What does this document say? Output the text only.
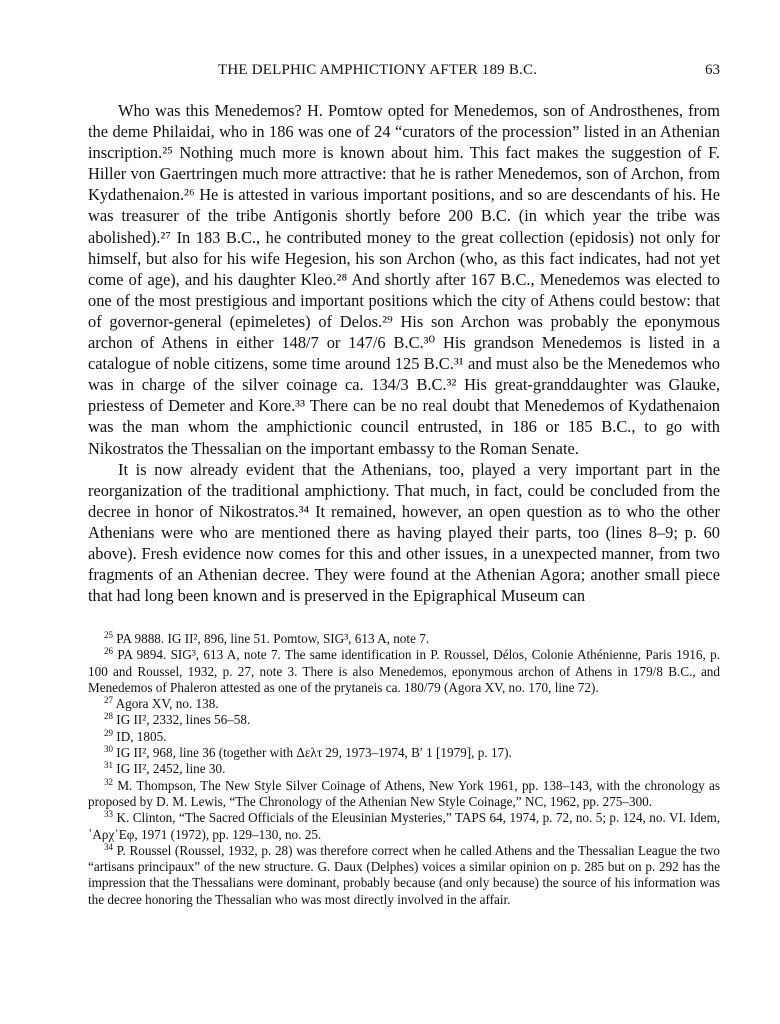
THE DELPHIC AMPHICTIONY AFTER 189 B.C.	63

Who was this Menedemos? H. Pomtow opted for Menedemos, son of Androsthenes, from the deme Philaidai, who in 186 was one of 24 “curators of the procession” listed in an Athenian inscription.²⁵ Nothing much more is known about him. This fact makes the suggestion of F. Hiller von Gaertringen much more attractive: that he is rather Menedemos, son of Archon, from Kydathenaion.²⁶ He is attested in various important positions, and so are descendants of his. He was treasurer of the tribe Antigonis shortly before 200 B.C. (in which year the tribe was abolished).²⁷ In 183 B.C., he contributed money to the great collection (epidosis) not only for himself, but also for his wife Hegesion, his son Archon (who, as this fact indicates, had not yet come of age), and his daughter Kleo.²⁸ And shortly after 167 B.C., Menedemos was elected to one of the most prestigious and important positions which the city of Athens could bestow: that of governor-general (epimeletes) of Delos.²⁹ His son Archon was probably the eponymous archon of Athens in either 148/7 or 147/6 B.C.³⁰ His grandson Menedemos is listed in a catalogue of noble citizens, some time around 125 B.C.³¹ and must also be the Menedemos who was in charge of the silver coinage ca. 134/3 B.C.³² His great-granddaughter was Glauke, priestess of Demeter and Kore.³³ There can be no real doubt that Menedemos of Kydathenaion was the man whom the amphictionic council entrusted, in 186 or 185 B.C., to go with Nikostratos the Thessalian on the important embassy to the Roman Senate.

It is now already evident that the Athenians, too, played a very important part in the reorganization of the traditional amphictiony. That much, in fact, could be concluded from the decree in honor of Nikostratos.³⁴ It remained, however, an open question as to who the other Athenians were who are mentioned there as having played their parts, too (lines 8–9; p. 60 above). Fresh evidence now comes for this and other issues, in a unexpected manner, from two fragments of an Athenian decree. They were found at the Athenian Agora; another small piece that had long been known and is preserved in the Epigraphical Museum can

$^{25}$ PA 9888. IG II², 896, line 51. Pomtow, SIG³, 613 A, note 7.

$^{26}$ PA 9894. SIG³, 613 A, note 7. The same identification in P. Roussel, Délos, Colonie Athénienne, Paris 1916, p. 100 and Roussel, 1932, p. 27, note 3. There is also Menedemos, eponymous archon of Athens in 179/8 B.C., and Menedemos of Phaleron attested as one of the prytaneis ca. 180/79 (Agora XV, no. 170, line 72).

$^{27}$ Agora XV, no. 138.

$^{28}$ IG II², 2332, lines 56–58.

$^{29}$ ID, 1805.

$^{30}$ IG II², 968, line 36 (together with Δελτ 29, 1973–1974, Β′ 1 [1979], p. 17).

$^{31}$ IG II², 2452, line 30.

$^{32}$ M. Thompson, The New Style Silver Coinage of Athens, New York 1961, pp. 138–143, with the chronology as proposed by D. M. Lewis, “The Chronology of the Athenian New Style Coinage,” NC, 1962, pp. 275–300.

$^{33}$ K. Clinton, “The Sacred Officials of the Eleusinian Mysteries,” TAPS 64, 1974, p. 72, no. 5; p. 124, no. VI. Idem, ᾽Αρχ᾽Εφ, 1971 (1972), pp. 129–130, no. 25.

$^{34}$ P. Roussel (Roussel, 1932, p. 28) was therefore correct when he called Athens and the Thessalian League the two “artisans principaux” of the new structure. G. Daux (Delphes) voices a similar opinion on p. 285 but on p. 292 has the impression that the Thessalians were dominant, probably because (and only because) the source of his information was the decree honoring the Thessalian who was most directly involved in the affair.
